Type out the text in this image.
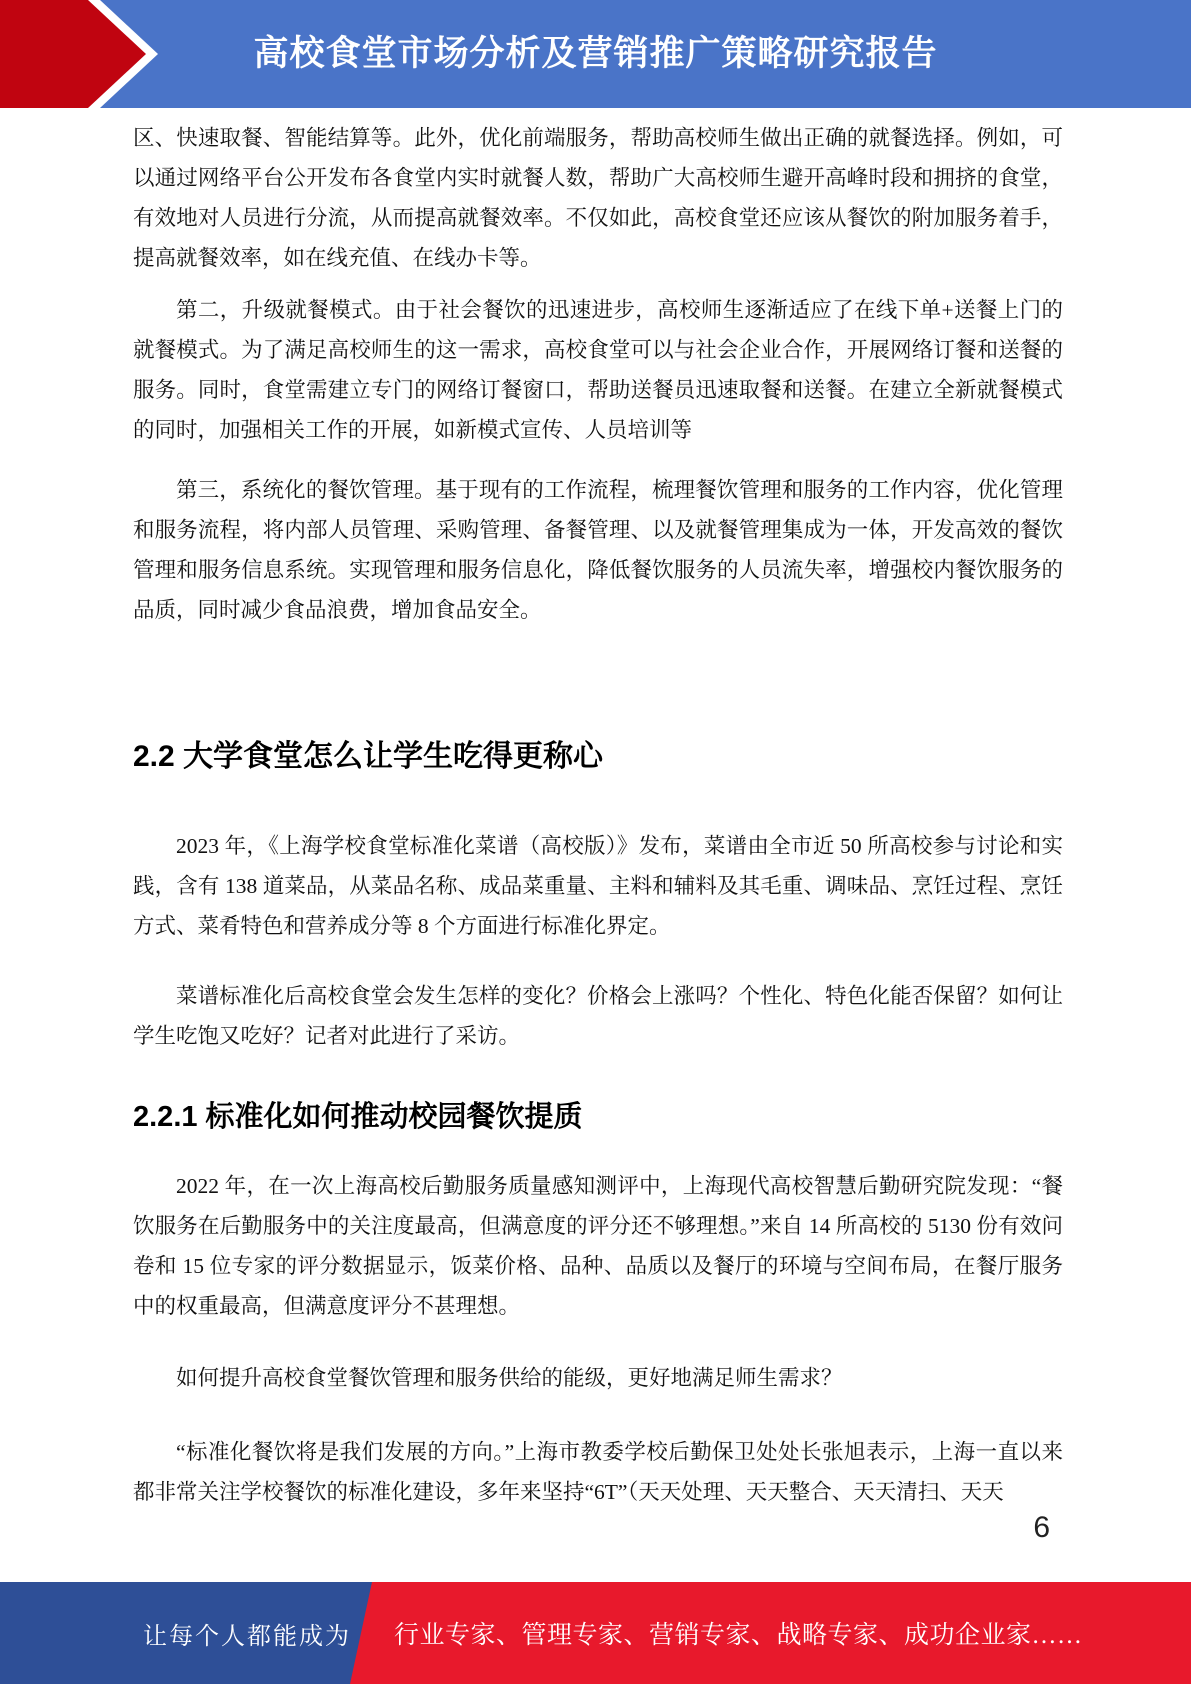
高校食堂市场分析及营销推广策略研究报告

区、快速取餐、智能结算等。此外，优化前端服务，帮助高校师生做出正确的就餐选择。例如，可以通过网络平台公开发布各食堂内实时就餐人数，帮助广大高校师生避开高峰时段和拥挤的食堂，有效地对人员进行分流，从而提高就餐效率。不仅如此，高校食堂还应该从餐饮的附加服务着手，提高就餐效率，如在线充值、在线办卡等。

第二，升级就餐模式。由于社会餐饮的迅速进步，高校师生逐渐适应了在线下单+送餐上门的就餐模式。为了满足高校师生的这一需求，高校食堂可以与社会企业合作，开展网络订餐和送餐的服务。同时，食堂需建立专门的网络订餐窗口，帮助送餐员迅速取餐和送餐。在建立全新就餐模式的同时，加强相关工作的开展，如新模式宣传、人员培训等

第三，系统化的餐饮管理。基于现有的工作流程，梳理餐饮管理和服务的工作内容，优化管理和服务流程，将内部人员管理、采购管理、备餐管理、以及就餐管理集成为一体，开发高效的餐饮管理和服务信息系统。实现管理和服务信息化，降低餐饮服务的人员流失率，增强校内餐饮服务的品质，同时减少食品浪费，增加食品安全。

2.2 大学食堂怎么让学生吃得更称心

2023 年，《上海学校食堂标准化菜谱（高校版）》发布，菜谱由全市近 50 所高校参与讨论和实践，含有 138 道菜品，从菜品名称、成品菜重量、主料和辅料及其毛重、调味品、烹饪过程、烹饪方式、菜肴特色和营养成分等 8 个方面进行标准化界定。

菜谱标准化后高校食堂会发生怎样的变化？价格会上涨吗？个性化、特色化能否保留？如何让学生吃饱又吃好？记者对此进行了采访。

2.2.1 标准化如何推动校园餐饮提质

2022 年，在一次上海高校后勤服务质量感知测评中，上海现代高校智慧后勤研究院发现：“餐饮服务在后勤服务中的关注度最高，但满意度的评分还不够理想。”来自 14 所高校的 5130 份有效问卷和 15 位专家的评分数据显示，饭菜价格、品种、品质以及餐厅的环境与空间布局，在餐厅服务中的权重最高，但满意度评分不甚理想。

如何提升高校食堂餐饮管理和服务供给的能级，更好地满足师生需求？

“标准化餐饮将是我们发展的方向。”上海市教委学校后勤保卫处处长张旭表示，上海一直以来都非常关注学校餐饮的标准化建设，多年来坚持“6T”（天天处理、天天整合、天天清扫、天天

6
让每个人都能成为 行业专家、管理专家、营销专家、战略专家、成功企业家……
